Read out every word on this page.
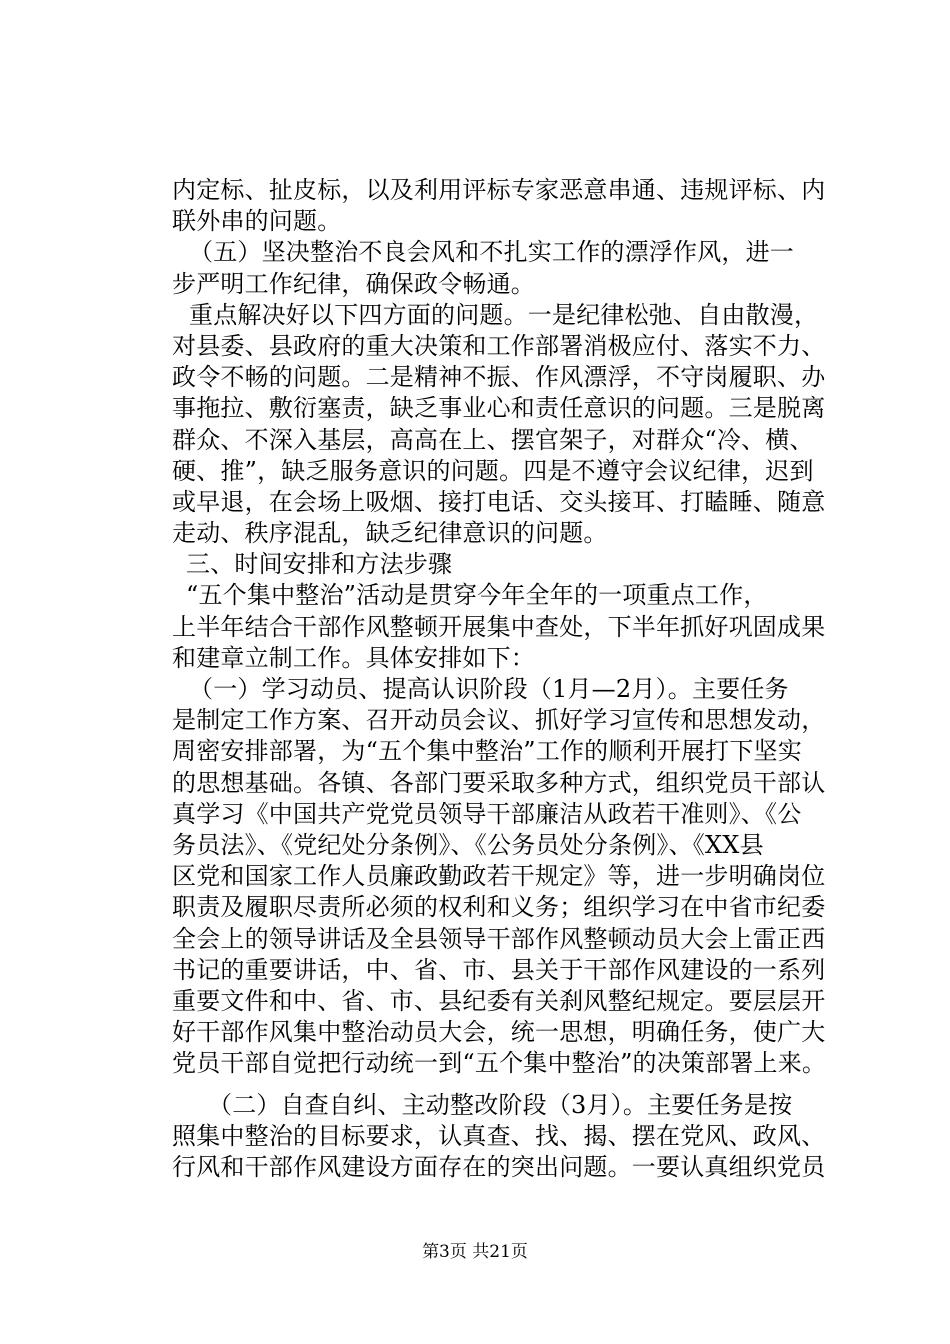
内定标、扯皮标，以及利用评标专家恶意串通、违规评标、内
联外串的问题。
（五）坚决整治不良会风和不扎实工作的漂浮作风，进一
步严明工作纪律，确保政令畅通。
重点解决好以下四方面的问题。一是纪律松弛、自由散漫，
对县委、县政府的重大决策和工作部署消极应付、落实不力、
政令不畅的问题。二是精神不振、作风漂浮，不守岗履职、办
事拖拉、敷衍塞责，缺乏事业心和责任意识的问题。三是脱离
群众、不深入基层，高高在上、摆官架子，对群众“冷、横、
硬、推”，缺乏服务意识的问题。四是不遵守会议纪律，迟到
或早退，在会场上吸烟、接打电话、交头接耳、打瞌睡、随意
走动、秩序混乱，缺乏纪律意识的问题。
三、时间安排和方法步骤
“五个集中整治”活动是贯穿今年全年的一项重点工作，
上半年结合干部作风整顿开展集中查处，下半年抓好巩固成果
和建章立制工作。具体安排如下：
（一）学习动员、提高认识阶段（1月—2月）。主要任务
是制定工作方案、召开动员会议、抓好学习宣传和思想发动，
周密安排部署，为“五个集中整治”工作的顺利开展打下坚实
的思想基础。各镇、各部门要采取多种方式，组织党员干部认
真学习《中国共产党党员领导干部廉洁从政若干准则》、《公
务员法》、《党纪处分条例》、《公务员处分条例》、《XX县
区党和国家工作人员廉政勤政若干规定》等，进一步明确岗位
职责及履职尽责所必须的权利和义务；组织学习在中省市纪委
全会上的领导讲话及全县领导干部作风整顿动员大会上雷正西
书记的重要讲话，中、省、市、县关于干部作风建设的一系列
重要文件和中、省、市、县纪委有关刹风整纪规定。要层层开
好干部作风集中整治动员大会，统一思想，明确任务，使广大
党员干部自觉把行动统一到“五个集中整治”的决策部署上来。
（二）自查自纠、主动整改阶段（3月）。主要任务是按
照集中整治的目标要求，认真查、找、揭、摆在党风、政风、
行风和干部作风建设方面存在的突出问题。一要认真组织党员
第3页 共21页
